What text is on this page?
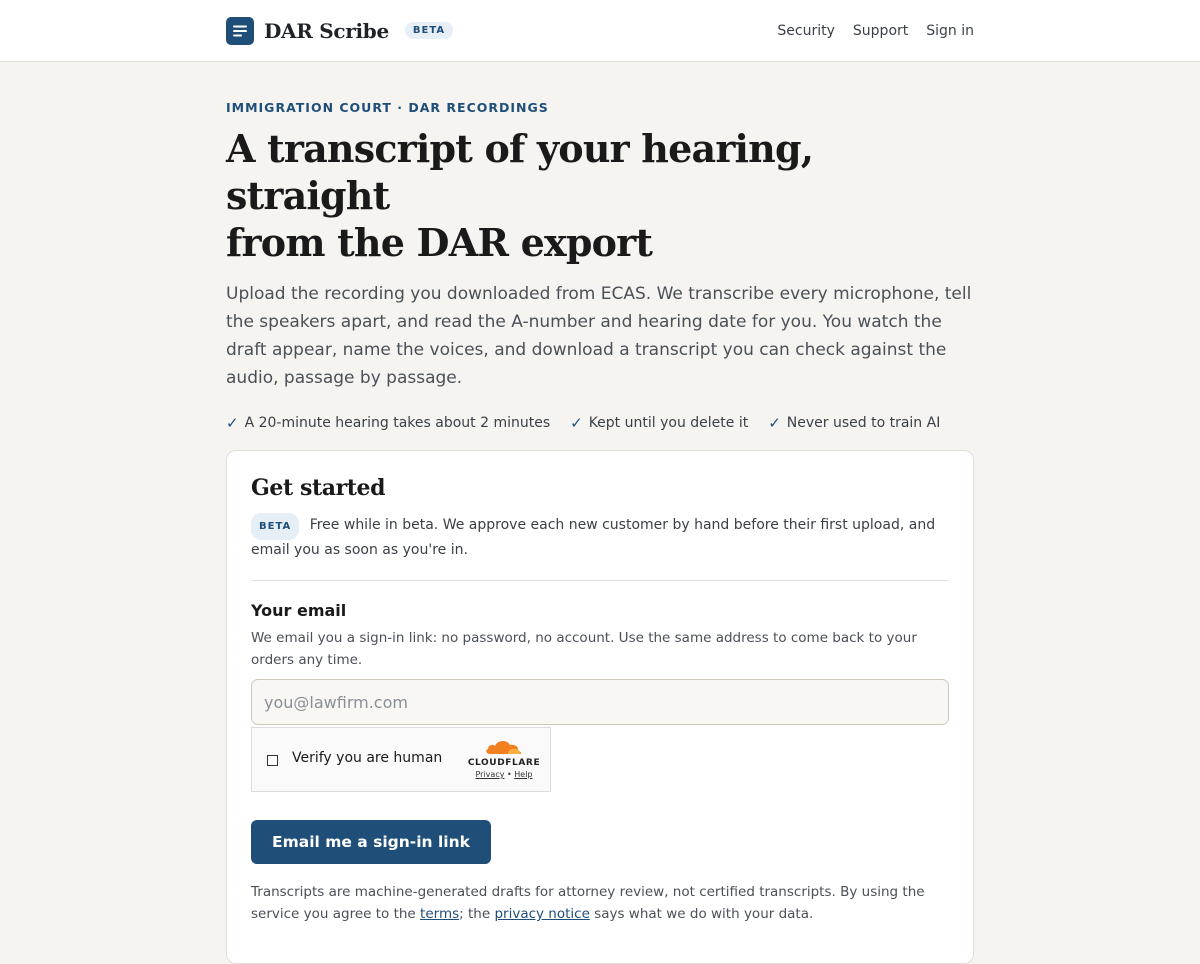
DAR Scribe	BETA	Security Support Sign in
IMMIGRATION COURT · DAR RECORDINGS
A transcript of your hearing, straight
from the DAR export

Upload the recording you downloaded from ECAS. We transcribe every microphone, tell the speakers apart, and read the A-number and hearing date for you. You watch the draft appear, name the voices, and download a transcript you can check against the audio, passage by passage.

✓ A 20-minute hearing takes about 2 minutes ✓ Kept until you delete it ✓ Never used to train AI
Get started
BETA Free while in beta. We approve each new customer by hand before their first upload, and email you as soon as you're in.
Your email
We email you a sign-in link: no password, no account. Use the same address to come back to your orders any time.
you@lawfirm.com
Verify you are human	CLOUDFLARE
Privacy • Help
Email me a sign-in link

Transcripts are machine-generated drafts for attorney review, not certified transcripts. By using the service you agree to the terms; the privacy notice says what we do with your data.
